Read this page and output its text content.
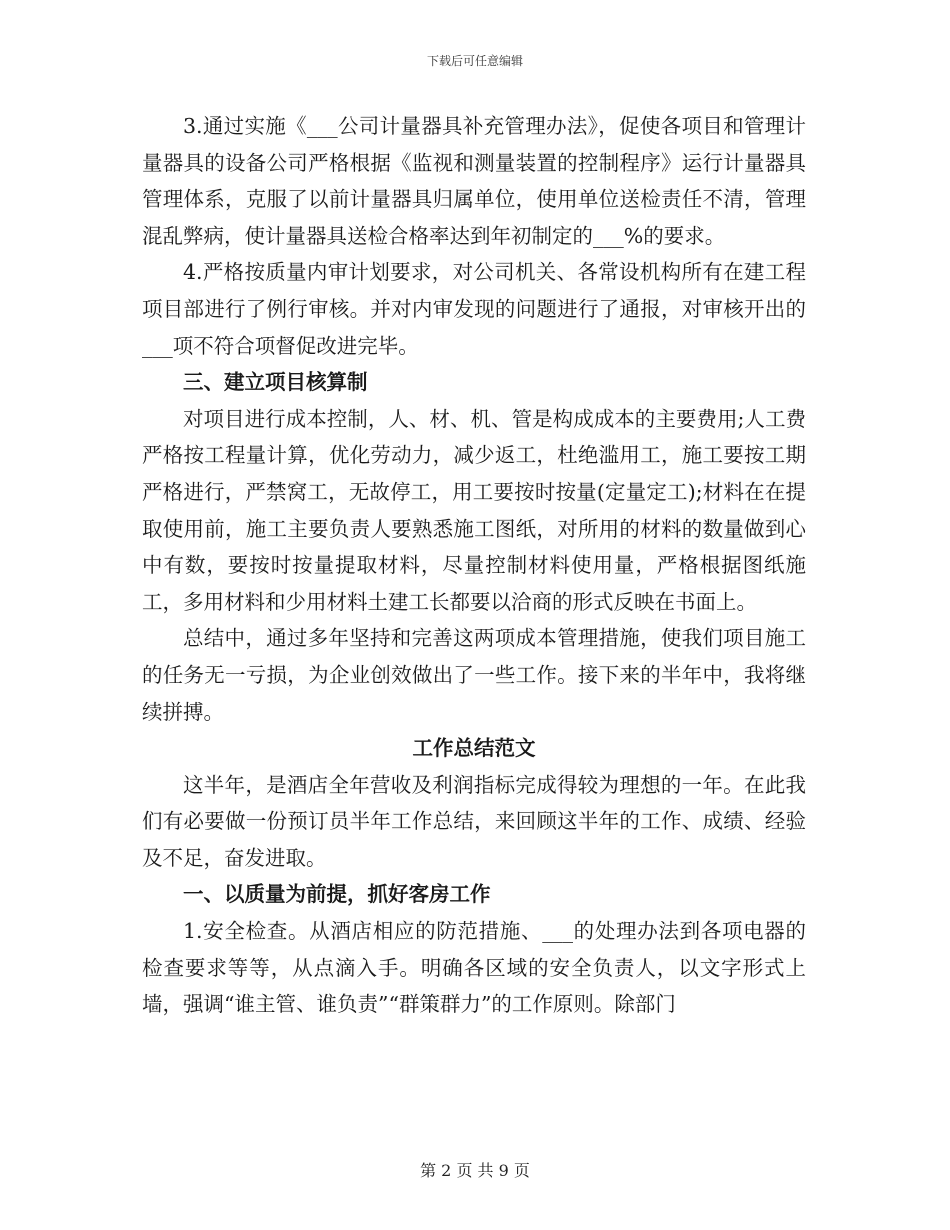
下载后可任意编辑

3.通过实施《___公司计量器具补充管理办法》，促使各项目和管理计量器具的设备公司严格根据《监视和测量装置的控制程序》运行计量器具管理体系，克服了以前计量器具归属单位，使用单位送检责任不清，管理混乱弊病，使计量器具送检合格率达到年初制定的___%的要求。

4.严格按质量内审计划要求，对公司机关、各常设机构所有在建工程项目部进行了例行审核。并对内审发现的问题进行了通报，对审核开出的___项不符合项督促改进完毕。

三、建立项目核算制

对项目进行成本控制，人、材、机、管是构成成本的主要费用;人工费严格按工程量计算，优化劳动力，减少返工，杜绝滥用工，施工要按工期严格进行，严禁窝工，无故停工，用工要按时按量(定量定工);材料在在提取使用前，施工主要负责人要熟悉施工图纸，对所用的材料的数量做到心中有数，要按时按量提取材料，尽量控制材料使用量，严格根据图纸施工，多用材料和少用材料土建工长都要以洽商的形式反映在书面上。

总结中，通过多年坚持和完善这两项成本管理措施，使我们项目施工的任务无一亏损，为企业创效做出了一些工作。接下来的半年中，我将继续拼搏。

工作总结范文

这半年，是酒店全年营收及利润指标完成得较为理想的一年。在此我们有必要做一份预订员半年工作总结，来回顾这半年的工作、成绩、经验及不足，奋发进取。

一、以质量为前提，抓好客房工作

1.安全检查。从酒店相应的防范措施、___的处理办法到各项电器的检查要求等等，从点滴入手。明确各区域的安全负责人，以文字形式上墙，强调“谁主管、谁负责”“群策群力”的工作原则。除部门

第 2 页 共 9 页
